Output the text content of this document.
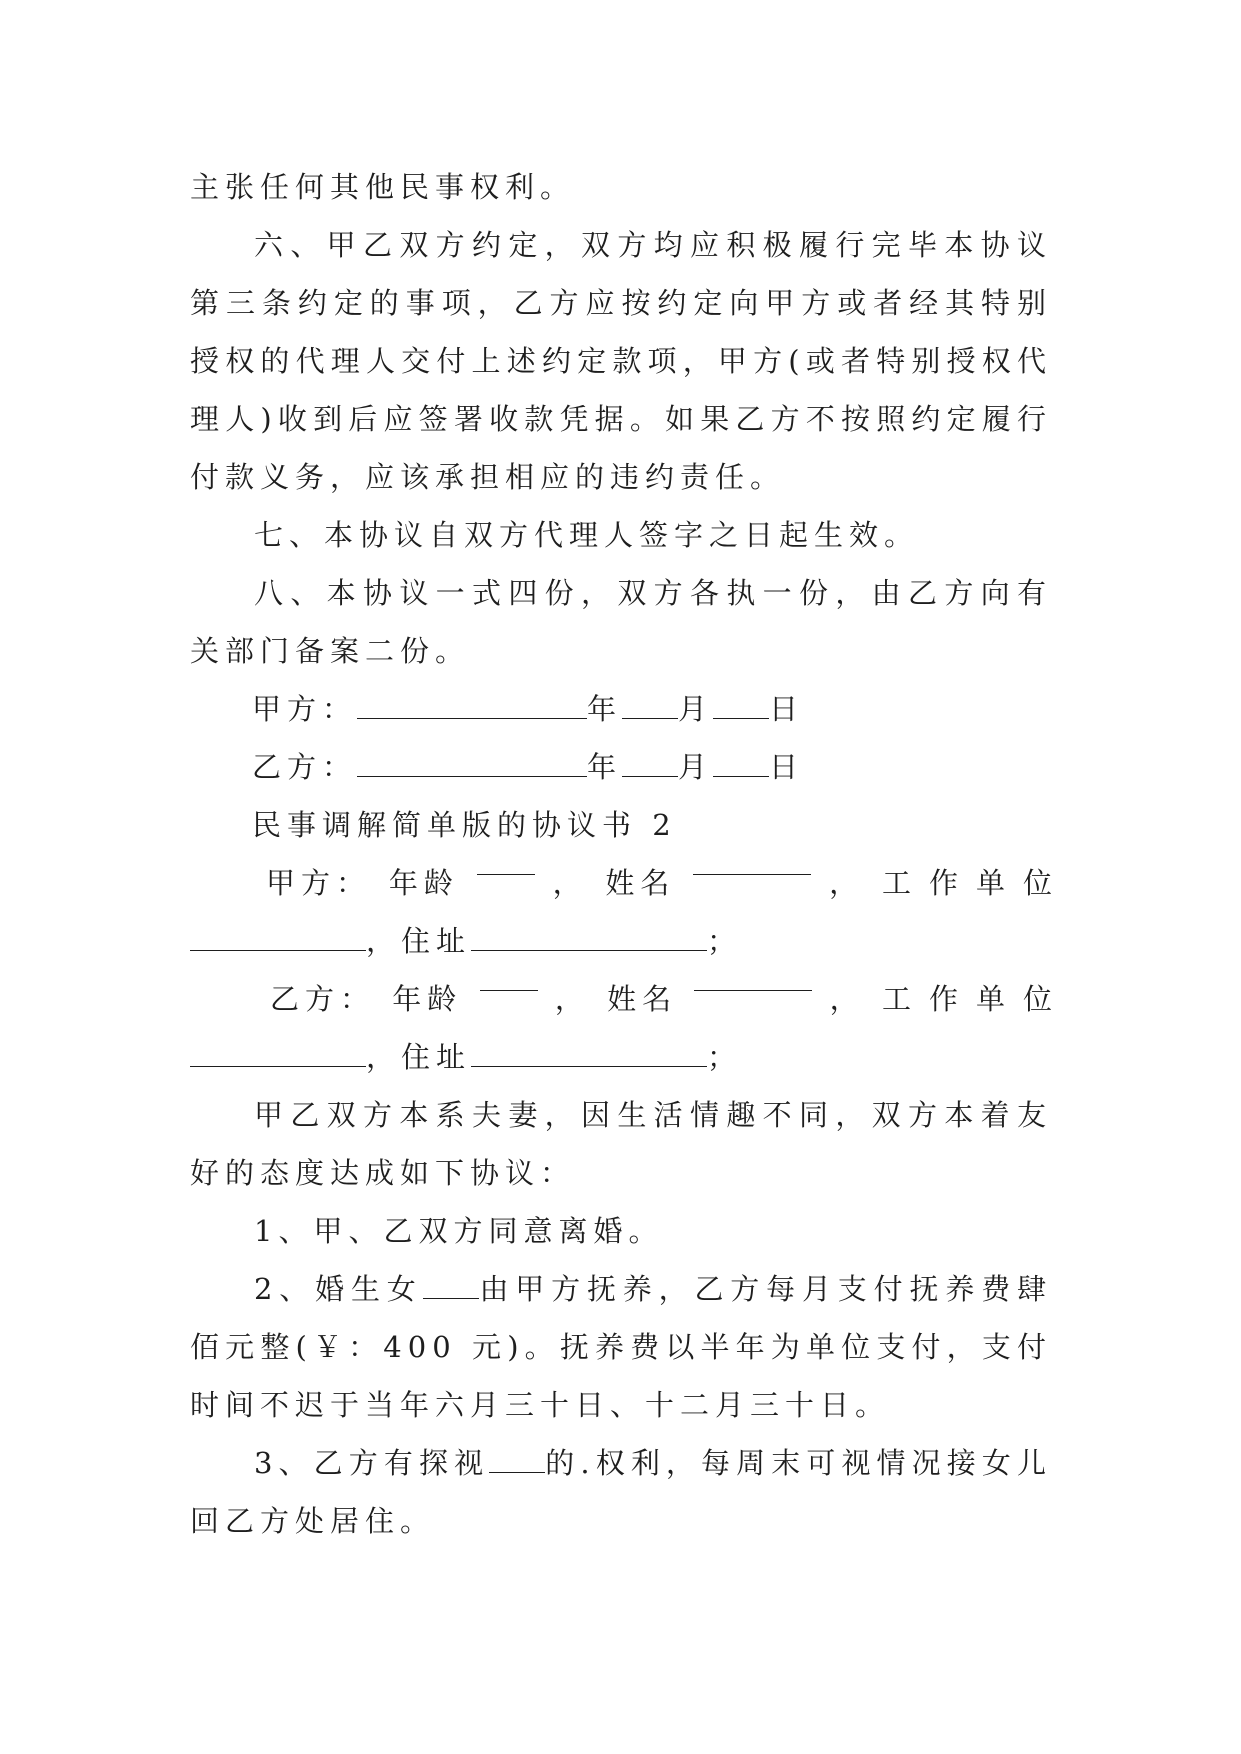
主张任何其他民事权利。

六、甲乙双方约定，双方均应积极履行完毕本协议第三条约定的事项，乙方应按约定向甲方或者经其特别授权的代理人交付上述约定款项，甲方(或者特别授权代理人)收到后应签署收款凭据。如果乙方不按照约定履行付款义务，应该承担相应的违约责任。

七、本协议自双方代理人签字之日起生效。

八、本协议一式四份，双方各执一份，由乙方向有关部门备案二份。

甲方：	年 月 日
乙方：	年 月 日
民事调解简单版的协议书 2
甲方： 年龄	， 姓名	， 工作单位
，住址	；
乙方： 年龄	， 姓名	， 工作单位
，住址	；

甲乙双方本系夫妻，因生活情趣不同，双方本着友好的态度达成如下协议：

1、甲、乙双方同意离婚。

2、婚生女 由甲方抚养，乙方每月支付抚养费肆佰元整(￥：400 元)。抚养费以半年为单位支付，支付时间不迟于当年六月三十日、十二月三十日。

3、乙方有探视 的.权利，每周末可视情况接女儿回乙方处居住。
